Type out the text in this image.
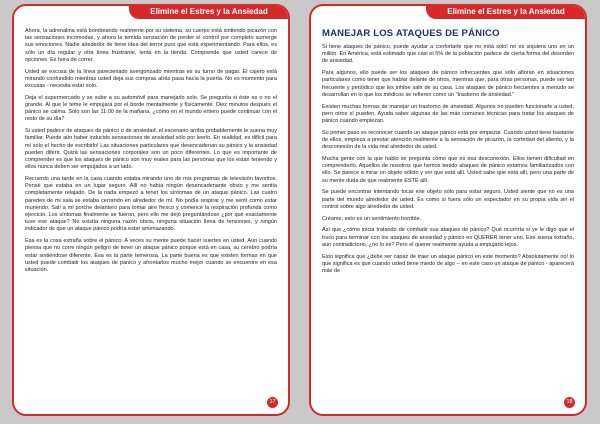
Elimine el Estres y la Ansiedad

Ahora, la adrenalina está bombeando realmente por su sistema, su cuerpo está sintiendo picazón con las sensaciones incómodas, y ahora la temida sensación de perder el control por completo sumerge sus emociones. Nadie alrededor de tiene idea del terror puro que está experimentando. Para ellos, es sólo un día regular y otra línea frustrante, lenta en la tienda. Comprende que usted carece de opciones. Es hora de correr.

Usted se excusa de la línea parecienado avergonzado mientras es su turno de pagar. El cajero está mirando confundido mientras usted deja sus compras atrás pasa hacia la puerta. No es momento para excusas - necesita estar solo.

Deja el supermercado y se sube a su automóvil para manejarlo solo. Se pregunta si éste es o no el grande. Al que le teme le empujará por el borde mentalmente y físicamente. Diez minutos después el pánico se calma. Sólo son las 11:00 de la mañana, ¿cómo en el mundo entero puede continuar con el resto de su día?

Si usted padece de ataques de pánico o de ansiedad, el escenario arriba probablemente le suena muy familiar. Puede aún haber inducido sensaciones de ansiedad sólo por leerlo. En realidad, es difícil para mí sólo el hecho de escribirlo! Las situaciones particulares que desencadenan su pánico y la ansiedad pueden diferir. Quizá las sensaciones corporales son un poco diferentes. Lo que es importante de comprender es que los ataques de pánico son muy reales para las personas que los están teniendo y ellos nunca deben ser empujados a un lado.

Recuerdo una tarde en la casa cuando estaba mirando uno de mis programas de televisión favoritos. Pensé que estaba en un lugar seguro. Allí no había ningún desencadenante obvio y me sentía completamente relajado. De la nada empezó a tener los síntomas de un ataque pánico. Las cuatro paredes de mi sala se estaba cerrando en alrededor de mí. No podía respirar y me sentí como estar muriendo. Salí a mi porche delantero para tomar aire fresco y comencé la respiración profunda como ejercicio. Los síntomas finalmente se fueron, pero ello me dejó preguntándose ¿por qué exactamente tuve ese ataque? No existía ninguna razón obvia, ninguna situación llena de tensiones, y ningún indicador de que un ataque pánico podría estar amenazando.

Esa es la cosa extraña sobre el pánico. A veces su mente puede hacer suertes en usted. Aún cuando piensa que no corre ningún peligro de tener un ataque pánico porque está en casa, su cerebro podría estar sintiéndose diferente. Esa es la parte temerosa. La parte buena es que existen formas en que usted puede combatir los ataques de pánico y afrontarlos mucho mejor cuando se encuentre en esa situación.

17
Elimine el Estres y la Ansiedad
MANEJAR LOS ATAQUES DE PÁNICO

Si tiene ataques de pánico, puede ayudar a confortarle que no está solo! no es siquiera uno en un millón. En América, está estimado que casi el 5% de la población padece de cierta forma del desorden de ansiedad.

Para algunos, ello puede ser los ataques de pánico infrecuentes que sólo afloran en situaciones particulares como tener que hablar delante de otros, mientras que, para otras personas, puede ser tan frecuente y periódico que les inhibe salir de su casa. Los ataques de pánico frecuentes a menudo se desarrollan en lo que los médicos se refieren como un "trastorno de ansiedad."

Existen muchas formas de manejar un trastorno de ansiedad. Algunos no pueden funcionarle a usted, pero otros sí pueden. Ayuda saber algunas de las más comunes técnicas para tratar los ataques de pánico cuando empiezan.

Su primer paso es reconocer cuando un ataque pánico está por empezar. Cuando usted tiene bastante de ellos, empieza a prestar atención realmente a la sensación de picazón, la cortedad del aliento, y la desconexión de la vida real alrededor de usted.

Mucha gente con la que hablo se pregunta cómo que es esa desconexión. Ellos tienen dificultad en comprenderlo. Aquellos de nosotros que hemos tenido ataques de pánico estamos familiarizados con ello. Se parece a mirar un objeto sólido y ver que está allí. Usted sabe que está allí, pero una parte de su mente duda de que realmente ESTÉ allí.

Se puede encontrar intentando tocar ese objeto sólo para estar seguro. Usted siente que no es una parte del mundo alrededor de usted. Es como si fuera sólo un espectador en su propia vida sin el control sobre algo alrededor de usted.

Créame, esto es un sentimiento horrible.

Así que ¿cómo inicia tratando de combatir sus ataques de pánico? Qué ocurriría si ye le digo que el truco para terminar con los ataques de ansiedad y pánico es QUERER tener uno. Ese suena extraño, aún contradictorio, ¿no lo es? Pero el querer realmente ayuda a empujarlo lejos.

Esto significa que ¿debe ser capaz de traer un ataque pánico en este momento? Absolutamente no! lo que significa es que cuando usted tiene miedo de algo -- en este caso un ataque de pánico - aparecerá más de

18
